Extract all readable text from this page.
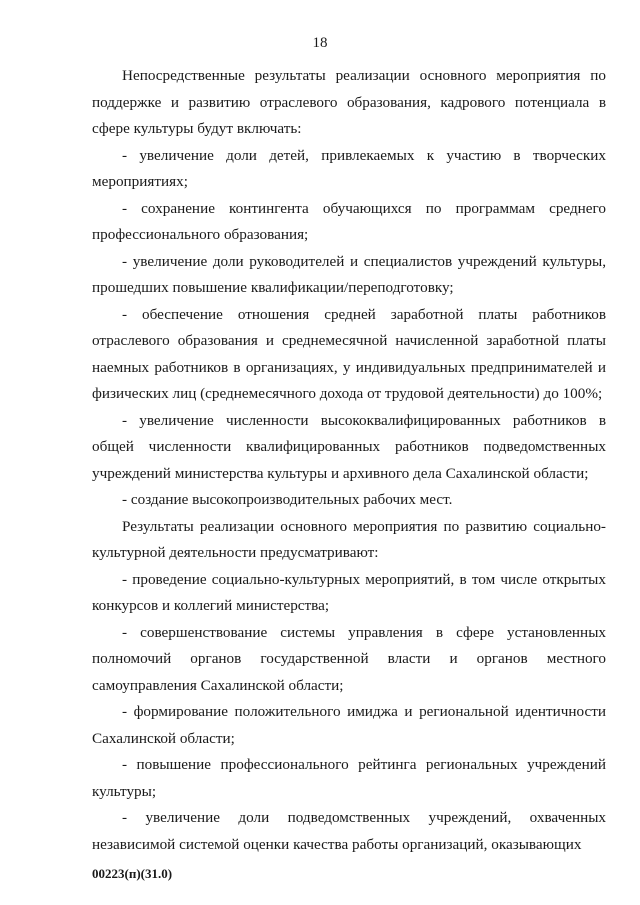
18

Непосредственные результаты реализации основного мероприятия по поддержке и развитию отраслевого образования, кадрового потенциала в сфере культуры будут включать:

- увеличение доли детей, привлекаемых к участию в творческих мероприятиях;

- сохранение контингента обучающихся по программам среднего профессионального образования;

- увеличение доли руководителей и специалистов учреждений культуры, прошедших повышение квалификации/переподготовку;

- обеспечение отношения средней заработной платы работников отраслевого образования и среднемесячной начисленной заработной платы наемных работников в организациях, у индивидуальных предпринимателей и физических лиц (среднемесячного дохода от трудовой деятельности) до 100%;

- увеличение численности высококвалифицированных работников в общей численности квалифицированных работников подведомственных учреждений министерства культуры и архивного дела Сахалинской области;

- создание высокопроизводительных рабочих мест.

Результаты реализации основного мероприятия по развитию социально-культурной деятельности предусматривают:

- проведение социально-культурных мероприятий, в том числе открытых конкурсов и коллегий министерства;

- совершенствование системы управления в сфере установленных полномочий органов государственной власти и органов местного самоуправления Сахалинской области;

- формирование положительного имиджа и региональной идентичности Сахалинской области;

- повышение профессионального рейтинга региональных учреждений культуры;

- увеличение доли подведомственных учреждений, охваченных независимой системой оценки качества работы организаций, оказывающих

00223(п)(31.0)
